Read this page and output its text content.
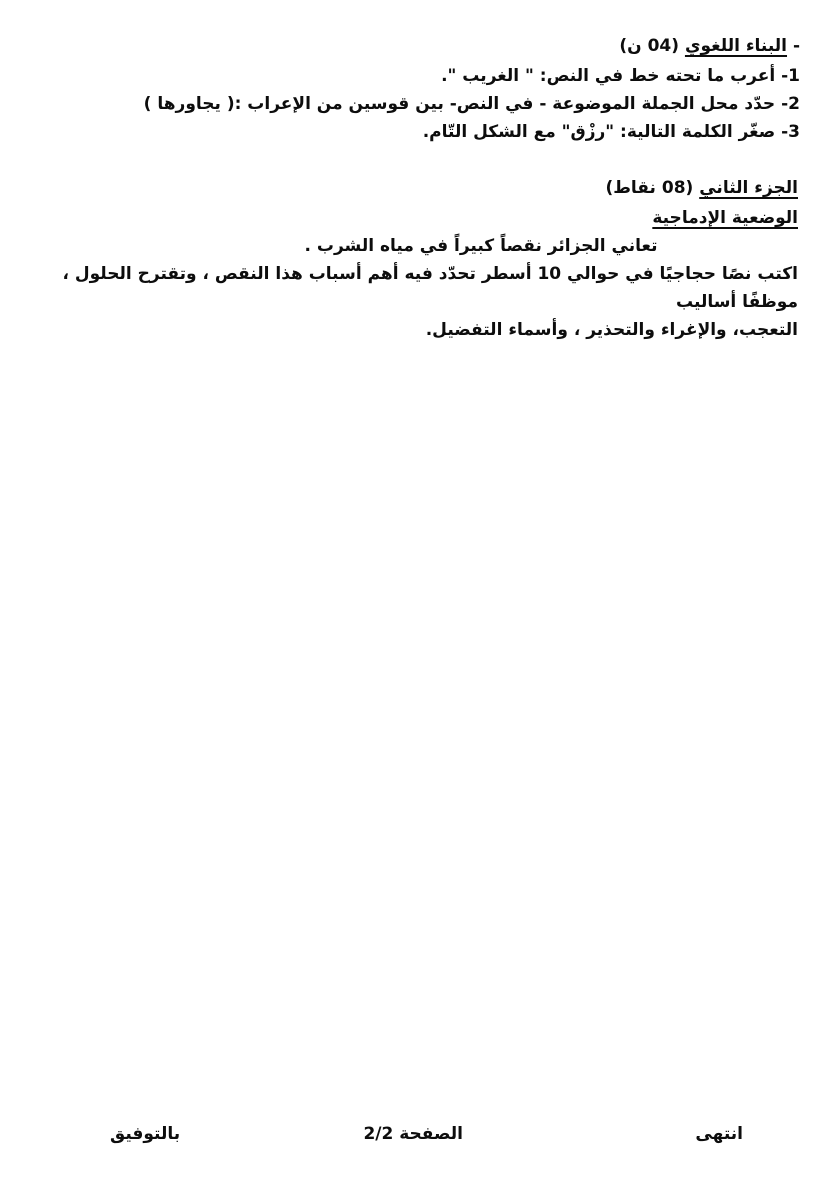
- البناء اللغوي (04 ن)
1- أعرب ما تحته خط في النص: " الغريب ".
2- حدّد محل الجملة الموضوعة - في النص- بين قوسين من الإعراب :( يجاورها )
3- صغّر الكلمة التالية: "رزْق" مع الشكل التّام.
الجزء الثاني (08 نقاط)
الوضعية الإدماجية
تعاني الجزائر نقصاً كبيراً في مياه الشرب .
اكتب نصًا حجاجيًا في حوالي 10 أسطر تحدّد فيه أهم أسباب هذا النقص ، وتقترح الحلول ، موظفًا أساليب
التعجب، والإغراء والتحذير ، وأسماء التفضيل.
انتهى
الصفحة 2/2
بالتوفيق
